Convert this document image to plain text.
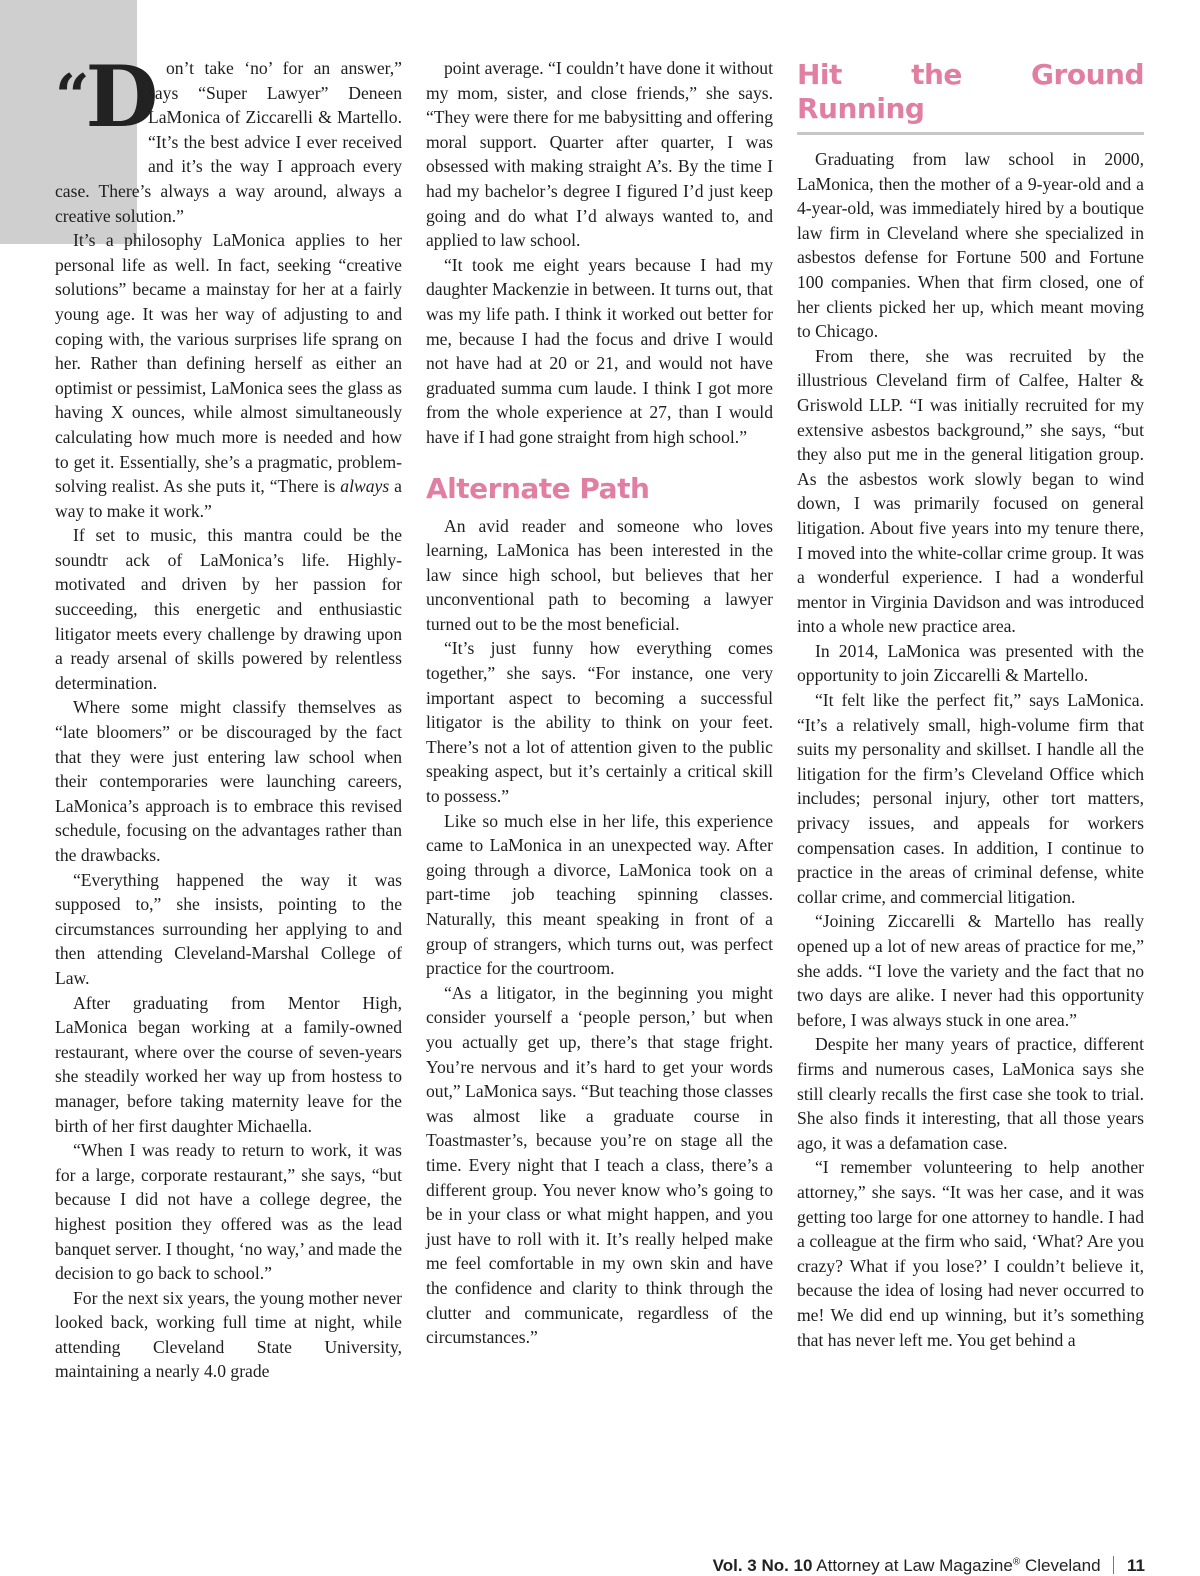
“D on’t take ‘no’ for an answer,” says “Super Lawyer” Deneen LaMonica of Ziccarelli & Martello. “It’s the best advice I ever received and it’s the way I approach every case. There’s always a way around, always a creative solution.”

It’s a philosophy LaMonica applies to her personal life as well. In fact, seeking “creative solutions” became a mainstay for her at a fairly young age. It was her way of adjusting to and coping with, the various surprises life sprang on her. Rather than defining herself as either an optimist or pessimist, LaMonica sees the glass as having X ounces, while almost simultaneously calculating how much more is needed and how to get it. Essentially, she’s a pragmatic, problem-solving realist. As she puts it, “There is always a way to make it work.”

If set to music, this mantra could be the soundtr ack of LaMonica’s life. Highly-motivated and driven by her passion for succeeding, this energetic and enthusiastic litigator meets every challenge by drawing upon a ready arsenal of skills powered by relentless determination.

Where some might classify themselves as “late bloomers” or be discouraged by the fact that they were just entering law school when their contemporaries were launching careers, LaMonica’s approach is to embrace this revised schedule, focusing on the advantages rather than the drawbacks.

“Everything happened the way it was supposed to,” she insists, pointing to the circumstances surrounding her applying to and then attending Cleveland-Marshal College of Law.

After graduating from Mentor High, LaMonica began working at a family-owned restaurant, where over the course of seven-years she steadily worked her way up from hostess to manager, before taking maternity leave for the birth of her first daughter Michaella.

“When I was ready to return to work, it was for a large, corporate restaurant,” she says, “but because I did not have a college degree, the highest position they offered was as the lead banquet server. I thought, ‘no way,’ and made the decision to go back to school.”

For the next six years, the young mother never looked back, working full time at night, while attending Cleveland State University, maintaining a nearly 4.0 grade

point average. “I couldn’t have done it without my mom, sister, and close friends,” she says. “They were there for me babysitting and offering moral support. Quarter after quarter, I was obsessed with making straight A’s. By the time I had my bachelor’s degree I figured I’d just keep going and do what I’d always wanted to, and applied to law school.

“It took me eight years because I had my daughter Mackenzie in between. It turns out, that was my life path. I think it worked out better for me, because I had the focus and drive I would not have had at 20 or 21, and would not have graduated summa cum laude. I think I got more from the whole experience at 27, than I would have if I had gone straight from high school.”

Alternate Path

An avid reader and someone who loves learning, LaMonica has been interested in the law since high school, but believes that her unconventional path to becoming a lawyer turned out to be the most beneficial.

“It’s just funny how everything comes together,” she says. “For instance, one very important aspect to becoming a successful litigator is the ability to think on your feet. There’s not a lot of attention given to the public speaking aspect, but it’s certainly a critical skill to possess.”

Like so much else in her life, this experience came to LaMonica in an unexpected way. After going through a divorce, LaMonica took on a part-time job teaching spinning classes. Naturally, this meant speaking in front of a group of strangers, which turns out, was perfect practice for the courtroom.

“As a litigator, in the beginning you might consider yourself a ‘people person,’ but when you actually get up, there’s that stage fright. You’re nervous and it’s hard to get your words out,” LaMonica says. “But teaching those classes was almost like a graduate course in Toastmaster’s, because you’re on stage all the time. Every night that I teach a class, there’s a different group. You never know who’s going to be in your class or what might happen, and you just have to roll with it. It’s really helped make me feel comfortable in my own skin and have the confidence and clarity to think through the clutter and communicate, regardless of the circumstances.”

Hit the Ground Running

Graduating from law school in 2000, LaMonica, then the mother of a 9-year-old and a 4-year-old, was immediately hired by a boutique law firm in Cleveland where she specialized in asbestos defense for Fortune 500 and Fortune 100 companies. When that firm closed, one of her clients picked her up, which meant moving to Chicago.

From there, she was recruited by the illustrious Cleveland firm of Calfee, Halter & Griswold LLP. “I was initially recruited for my extensive asbestos background,” she says, “but they also put me in the general litigation group. As the asbestos work slowly began to wind down, I was primarily focused on general litigation. About five years into my tenure there, I moved into the white-collar crime group. It was a wonderful experience. I had a wonderful mentor in Virginia Davidson and was introduced into a whole new practice area.

In 2014, LaMonica was presented with the opportunity to join Ziccarelli & Martello.

“It felt like the perfect fit,” says LaMonica. “It’s a relatively small, high-volume firm that suits my personality and skillset. I handle all the litigation for the firm’s Cleveland Office which includes; personal injury, other tort matters, privacy issues, and appeals for workers compensation cases. In addition, I continue to practice in the areas of criminal defense, white collar crime, and commercial litigation.

“Joining Ziccarelli & Martello has really opened up a lot of new areas of practice for me,” she adds. “I love the variety and the fact that no two days are alike. I never had this opportunity before, I was always stuck in one area.”

Despite her many years of practice, different firms and numerous cases, LaMonica says she still clearly recalls the first case she took to trial. She also finds it interesting, that all those years ago, it was a defamation case.

“I remember volunteering to help another attorney,” she says. “It was her case, and it was getting too large for one attorney to handle. I had a colleague at the firm who said, ‘What? Are you crazy? What if you lose?’ I couldn’t believe it, because the idea of losing had never occurred to me! We did end up winning, but it’s something that has never left me. You get behind a

Vol. 3 No. 10 Attorney at Law Magazine® Cleveland 11
